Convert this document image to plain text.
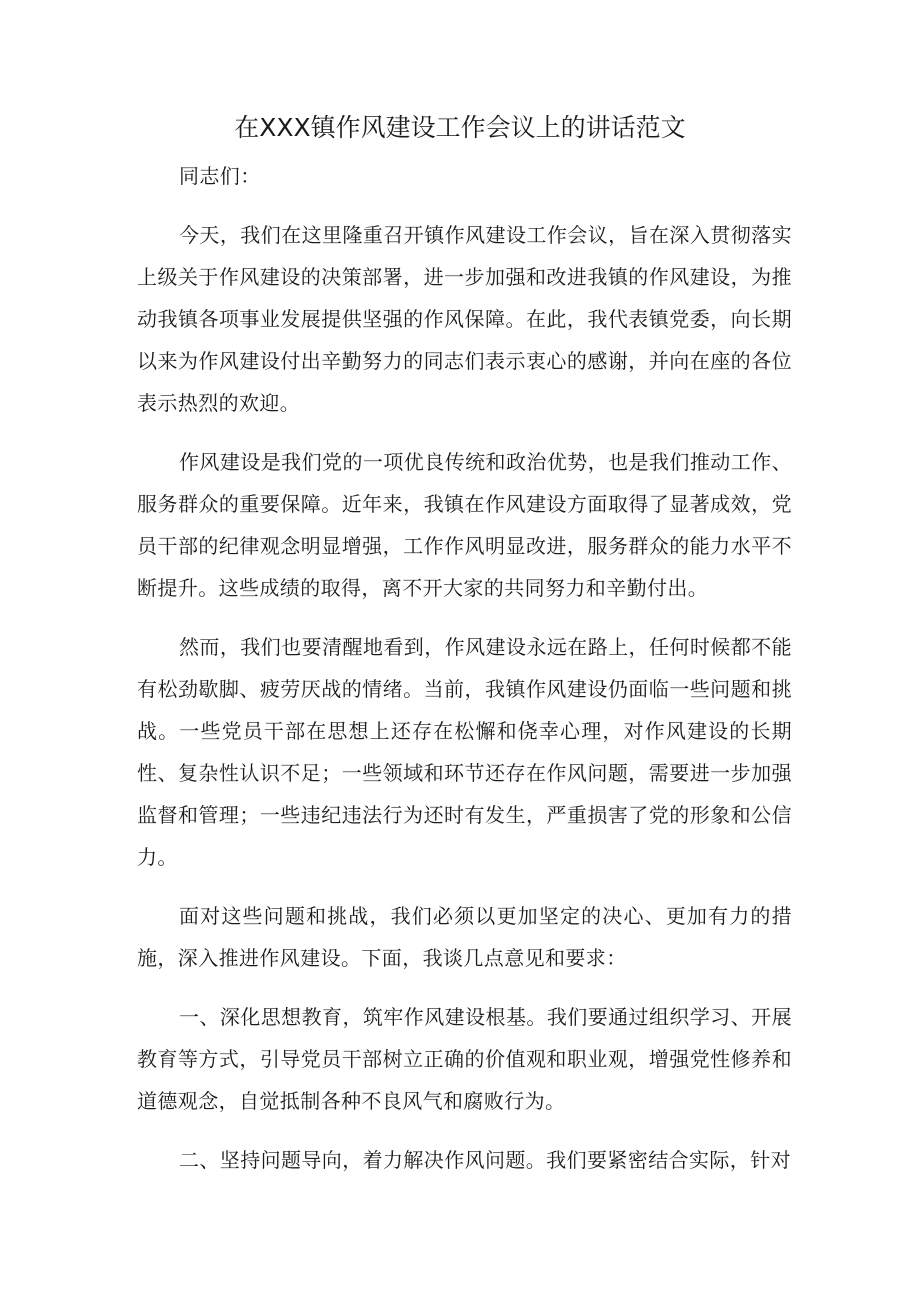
在XXX镇作风建设工作会议上的讲话范文

同志们：

今天，我们在这里隆重召开镇作风建设工作会议，旨在深入贯彻落实上级关于作风建设的决策部署，进一步加强和改进我镇的作风建设，为推动我镇各项事业发展提供坚强的作风保障。在此，我代表镇党委，向长期以来为作风建设付出辛勤努力的同志们表示衷心的感谢，并向在座的各位表示热烈的欢迎。

作风建设是我们党的一项优良传统和政治优势，也是我们推动工作、服务群众的重要保障。近年来，我镇在作风建设方面取得了显著成效，党员干部的纪律观念明显增强，工作作风明显改进，服务群众的能力水平不断提升。这些成绩的取得，离不开大家的共同努力和辛勤付出。

然而，我们也要清醒地看到，作风建设永远在路上，任何时候都不能有松劲歇脚、疲劳厌战的情绪。当前，我镇作风建设仍面临一些问题和挑战。一些党员干部在思想上还存在松懈和侥幸心理，对作风建设的长期性、复杂性认识不足；一些领域和环节还存在作风问题，需要进一步加强监督和管理；一些违纪违法行为还时有发生，严重损害了党的形象和公信力。

面对这些问题和挑战，我们必须以更加坚定的决心、更加有力的措施，深入推进作风建设。下面，我谈几点意见和要求：

一、深化思想教育，筑牢作风建设根基。我们要通过组织学习、开展教育等方式，引导党员干部树立正确的价值观和职业观，增强党性修养和道德观念，自觉抵制各种不良风气和腐败行为。

二、坚持问题导向，着力解决作风问题。我们要紧密结合实际，针对
